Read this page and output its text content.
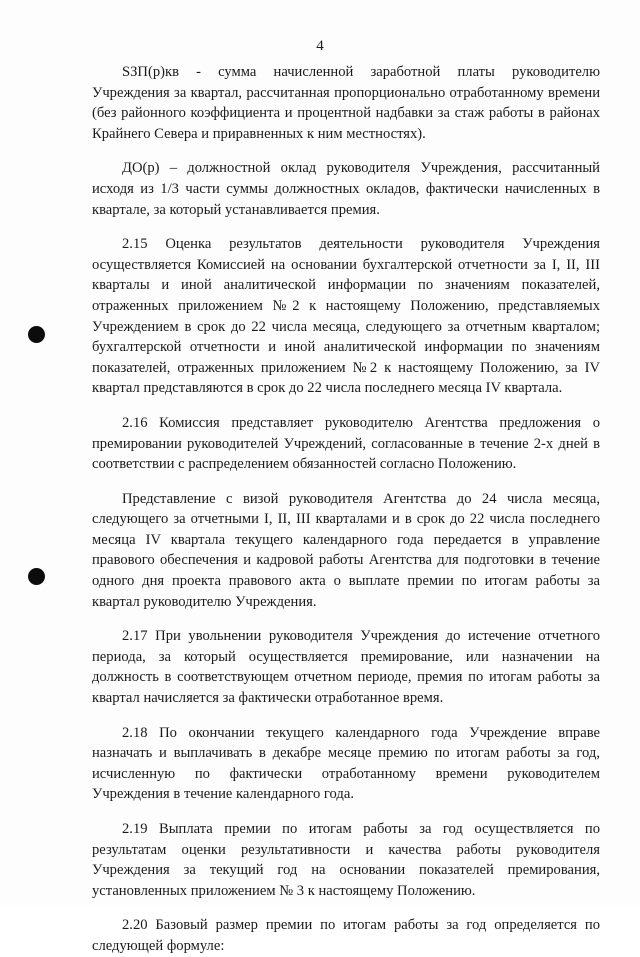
4

SЗП(р)кв - сумма начисленной заработной платы руководителю Учреждения за квартал, рассчитанная пропорционально отработанному времени (без районного коэффициента и процентной надбавки за стаж работы в районах Крайнего Севера и приравненных к ним местностях).

ДО(р) – должностной оклад руководителя Учреждения, рассчитанный исходя из 1/3 части суммы должностных окладов, фактически начисленных в квартале, за который устанавливается премия.

2.15 Оценка результатов деятельности руководителя Учреждения осуществляется Комиссией на основании бухгалтерской отчетности за I, II, III кварталы и иной аналитической информации по значениям показателей, отраженных приложением №2 к настоящему Положению, представляемых Учреждением в срок до 22 числа месяца, следующего за отчетным кварталом; бухгалтерской отчетности и иной аналитической информации по значениям показателей, отраженных приложением №2 к настоящему Положению, за IV квартал представляются в срок до 22 числа последнего месяца IV квартала.

2.16 Комиссия представляет руководителю Агентства предложения о премировании руководителей Учреждений, согласованные в течение 2-х дней в соответствии с распределением обязанностей согласно Положению.

Представление с визой руководителя Агентства до 24 числа месяца, следующего за отчетными I, II, III кварталами и в срок до 22 числа последнего месяца IV квартала текущего календарного года передается в управление правового обеспечения и кадровой работы Агентства для подготовки в течение одного дня проекта правового акта о выплате премии по итогам работы за квартал руководителю Учреждения.

2.17 При увольнении руководителя Учреждения до истечение отчетного периода, за который осуществляется премирование, или назначении на должность в соответствующем отчетном периоде, премия по итогам работы за квартал начисляется за фактически отработанное время.

2.18 По окончании текущего календарного года Учреждение вправе назначать и выплачивать в декабре месяце премию по итогам работы за год, исчисленную по фактически отработанному времени руководителем Учреждения в течение календарного года.

2.19 Выплата премии по итогам работы за год осуществляется по результатам оценки результативности и качества работы руководителя Учреждения за текущий год на основании показателей премирования, установленных приложением № 3 к настоящему Положению.

2.20 Базовый размер премии по итогам работы за год определяется по следующей формуле:
